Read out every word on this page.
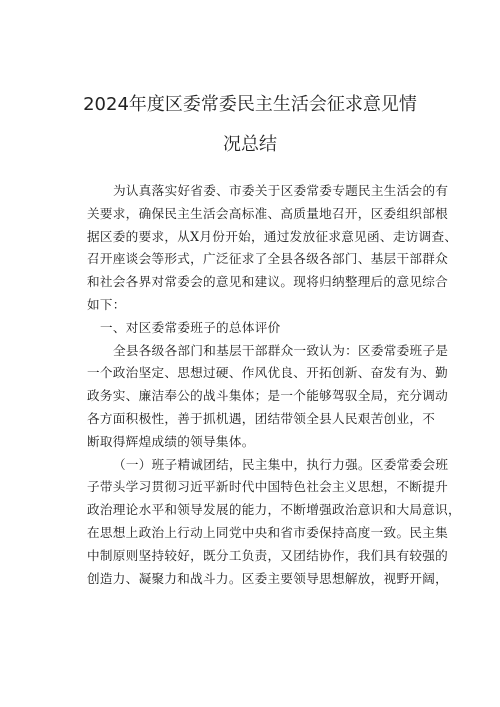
2024年度区委常委民主生活会征求意见情
况总结
为认真落实好省委、市委关于区委常委专题民主生活会的有
关要求，确保民主生活会高标准、高质量地召开，区委组织部根
据区委的要求，从X月份开始，通过发放征求意见函、走访调查、
召开座谈会等形式，广泛征求了全县各级各部门、基层干部群众
和社会各界对常委会的意见和建议。现将归纳整理后的意见综合
如下：
一、对区委常委班子的总体评价
全县各级各部门和基层干部群众一致认为：区委常委班子是
一个政治坚定、思想过硬、作风优良、开拓创新、奋发有为、勤
政务实、廉洁奉公的战斗集体；是一个能够驾驭全局，充分调动
各方面积极性，善于抓机遇，团结带领全县人民艰苦创业，不
断取得辉煌成绩的领导集体。
（一）班子精诚团结，民主集中，执行力强。区委常委会班
子带头学习贯彻习近平新时代中国特色社会主义思想，不断提升
政治理论水平和领导发展的能力，不断增强政治意识和大局意识，
在思想上政治上行动上同党中央和省市委保持高度一致。民主集
中制原则坚持较好，既分工负责，又团结协作，我们具有较强的
创造力、凝聚力和战斗力。区委主要领导思想解放，视野开阔，
